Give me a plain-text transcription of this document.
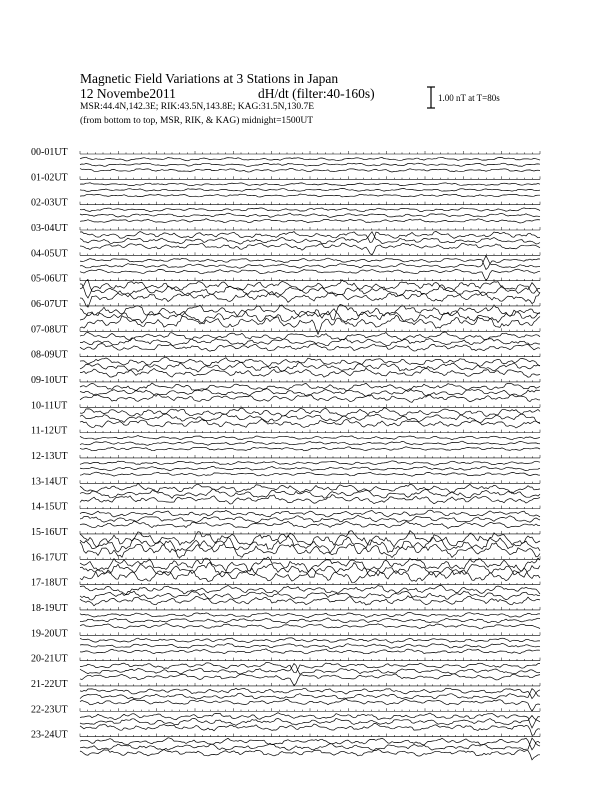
Magnetic Field Variations at 3 Stations in Japan
12 Novembe2011	dH/dt (filter:40-160s)
MSR:44.4N,142.3E; RIK:43.5N,143.8E; KAG:31.5N,130.7E
(from bottom to top, MSR, RIK, & KAG) midnight=1500UT
1.00 nT at T=80s
00-01UT
01-02UT
02-03UT
03-04UT
04-05UT
05-06UT
06-07UT
07-08UT
08-09UT
09-10UT
10-11UT
11-12UT
12-13UT
13-14UT
14-15UT
15-16UT
16-17UT
17-18UT
18-19UT
19-20UT
20-21UT
21-22UT
22-23UT
23-24UT
